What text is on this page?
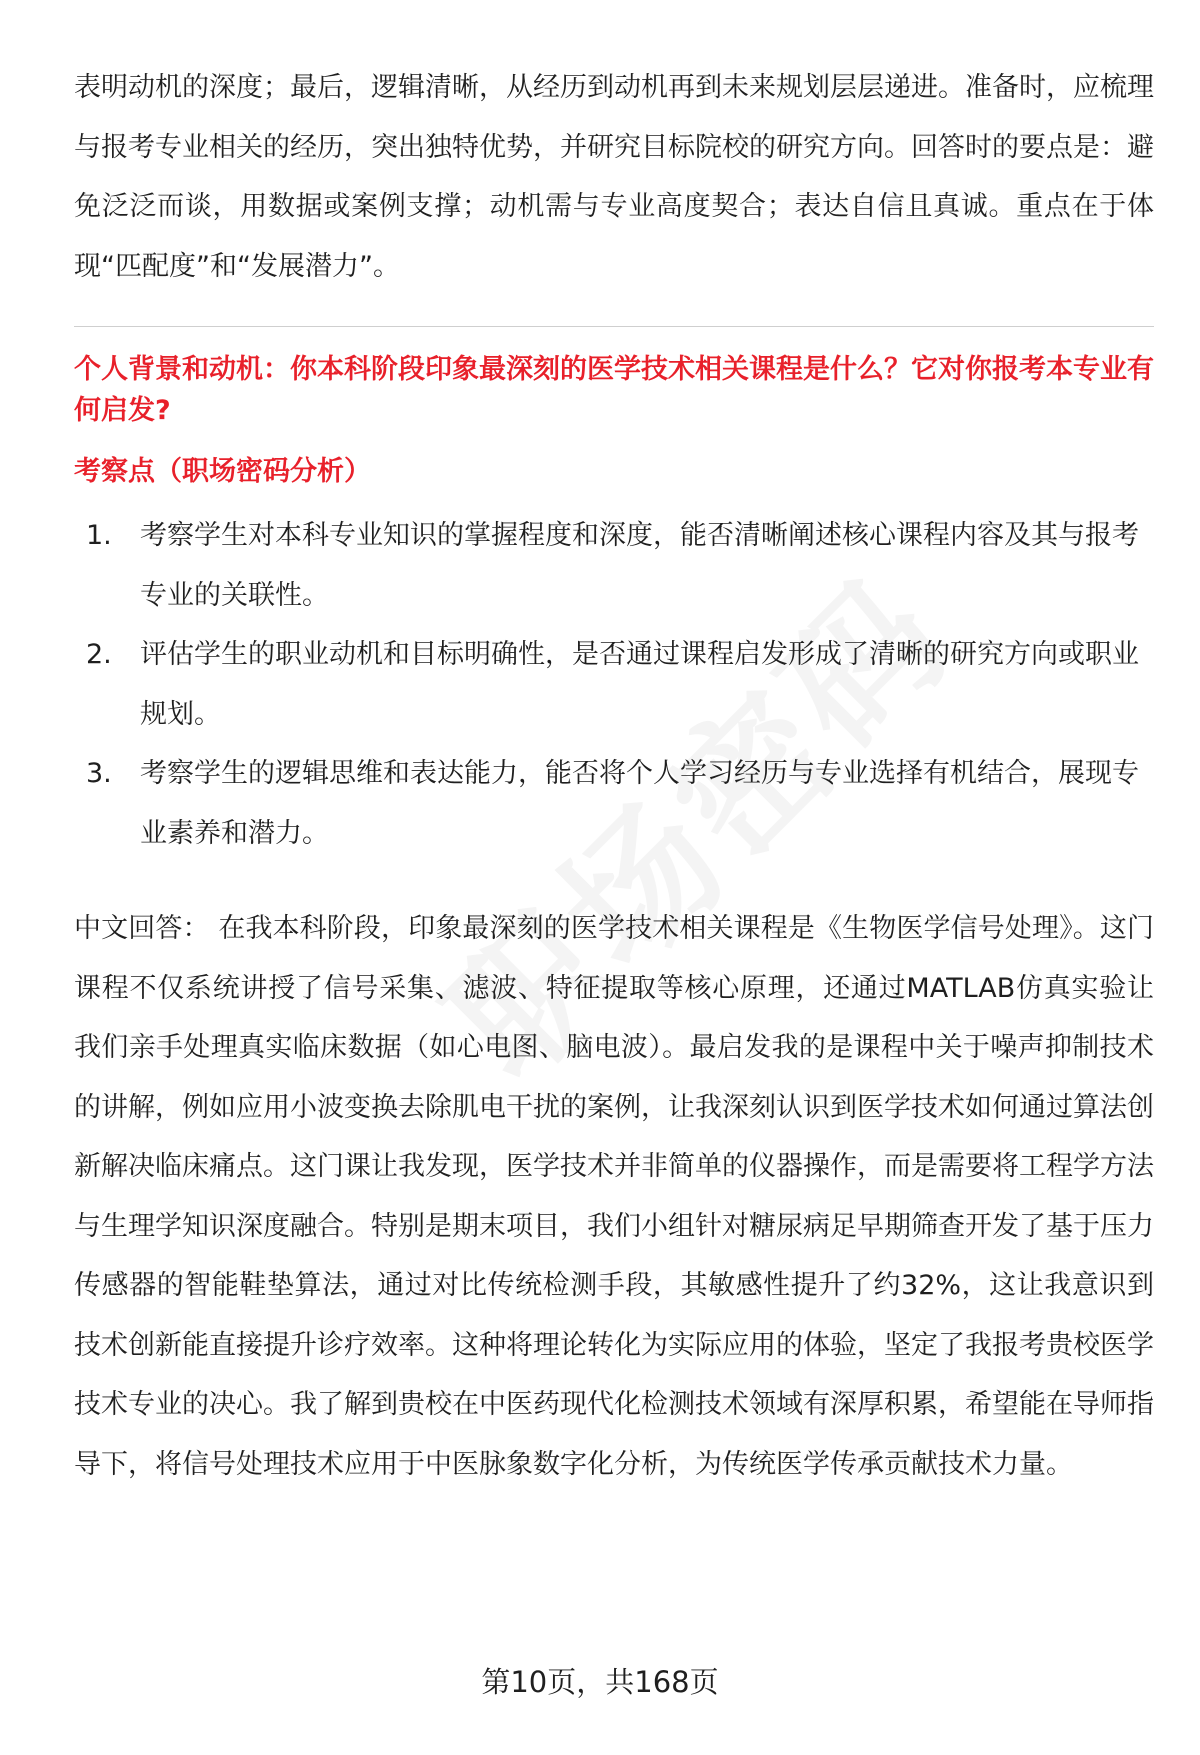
表明动机的深度；最后，逻辑清晰，从经历到动机再到未来规划层层递进。准备时，应梳理与报考专业相关的经历，突出独特优势，并研究目标院校的研究方向。回答时的要点是：避免泛泛而谈，用数据或案例支撑；动机需与专业高度契合；表达自信且真诚。重点在于体现“匹配度”和“发展潜力”。

个人背景和动机：你本科阶段印象最深刻的医学技术相关课程是什么？它对你报考本专业有何启发?

考察点（职场密码分析）

1.	考察学生对本科专业知识的掌握程度和深度，能否清晰阐述核心课程内容及其与报考专业的关联性。
2.	评估学生的职业动机和目标明确性，是否通过课程启发形成了清晰的研究方向或职业规划。
3.	考察学生的逻辑思维和表达能力，能否将个人学习经历与专业选择有机结合，展现专业素养和潜力。

中文回答： 在我本科阶段，印象最深刻的医学技术相关课程是《生物医学信号处理》。这门课程不仅系统讲授了信号采集、滤波、特征提取等核心原理，还通过MATLAB仿真实验让我们亲手处理真实临床数据（如心电图、脑电波）。最启发我的是课程中关于噪声抑制技术的讲解，例如应用小波变换去除肌电干扰的案例，让我深刻认识到医学技术如何通过算法创新解决临床痛点。这门课让我发现，医学技术并非简单的仪器操作，而是需要将工程学方法与生理学知识深度融合。特别是期末项目，我们小组针对糖尿病足早期筛查开发了基于压力传感器的智能鞋垫算法，通过对比传统检测手段，其敏感性提升了约32%，这让我意识到技术创新能直接提升诊疗效率。这种将理论转化为实际应用的体验，坚定了我报考贵校医学技术专业的决心。我了解到贵校在中医药现代化检测技术领域有深厚积累，希望能在导师指导下，将信号处理技术应用于中医脉象数字化分析，为传统医学传承贡献技术力量。

第10页，共168页
